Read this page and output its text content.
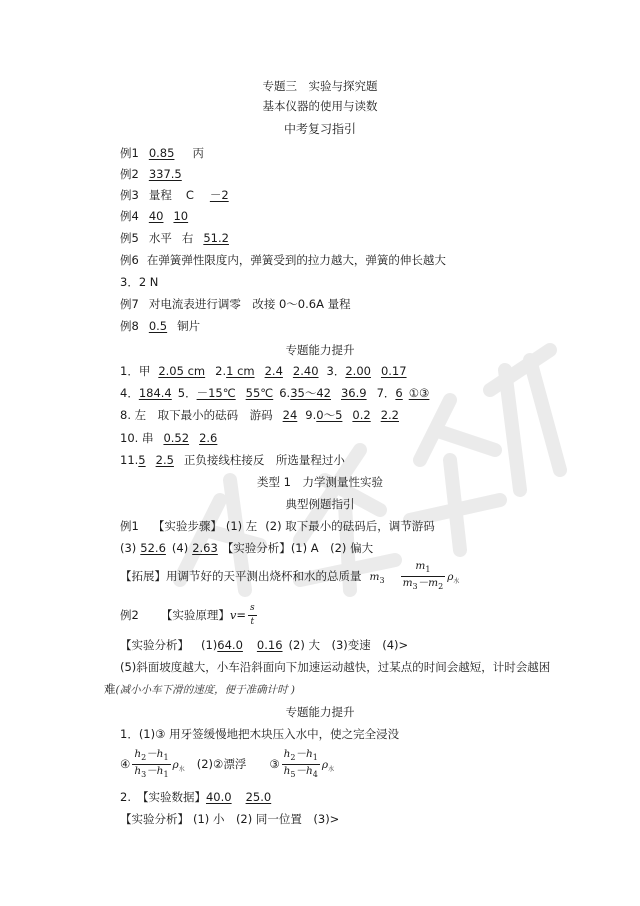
专题三　实验与探究题
基本仪器的使用与读数
中考复习指引
例1 0.85 丙
例2 337.5
例3 量程 C －2
例4 40 10
例5 水平 右 51.2
例6 在弹簧弹性限度内，弹簧受到的拉力越大，弹簧的伸长越大
3．2 N
例7 对电流表进行调零　改接 0～0.6A 量程
例8 0.5 铜片
专题能力提升
1．甲 2.05 cm 2.1 cm 2.4 2.40 3．2.00 0.17
4．184.4 5．－15℃ 55℃ 6.35～42 36.9 7．6 ①③
8. 左　取下最小的砝码　游码 24 9.0～5 0.2 2.2
10. 串 0.52 2.6
11.5 2.5 正负接线柱接反　所选量程过小
类型 1　力学测量性实验
典型例题指引
例1 【实验步骤】 (1) 左 (2) 取下最小的砝码后，调节游码
(3) 52.6 (4) 2.63 【实验分析】(1) A　(2) 偏大
【拓展】用调节好的天平测出烧杯和水的总质量 $m_3 \frac{m_1}{m_3-m_2} \rho_水$
例2 【实验原理】$v= \frac{s}{t}$
【实验分析】 (1)64.0 0.16 (2) 大　(3)变速　(4)>
(5)斜面坡度越大，小车沿斜面向下加速运动越快，过某点的时间会越短，计时会越困
难(减小小车下滑的速度，便于准确计时 )
专题能力提升
1．(1)③ 用牙签缓慢地把木块压入水中，使之完全浸没
④ $\frac{h_2-h_1}{h_3-h_1} \rho_水$ (2)②漂浮　　③ $\frac{h_2-h_1}{h_5-h_4} \rho_水$
2. 【实验数据】40.0 25.0
【实验分析】 (1) 小　(2) 同一位置　(3)>
